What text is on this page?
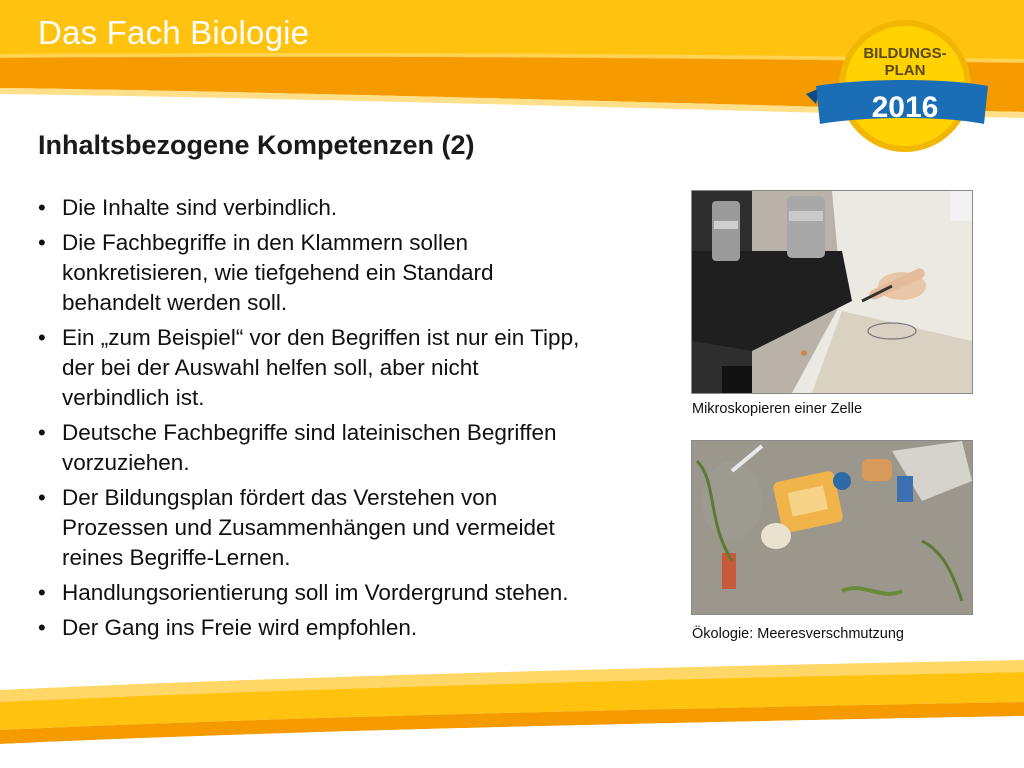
Das Fach Biologie
BILDUNGS-
PLAN
2016
Inhaltsbezogene Kompetenzen (2)
• Die Inhalte sind verbindlich.
• Die Fachbegriffe in den Klammern sollen
konkretisieren, wie tiefgehend ein Standard
behandelt werden soll.
• Ein „zum Beispiel“ vor den Begriffen ist nur ein Tipp,
der bei der Auswahl helfen soll, aber nicht
verbindlich ist.
• Deutsche Fachbegriffe sind lateinischen Begriffen
vorzuziehen.
• Der Bildungsplan fördert das Verstehen von
Prozessen und Zusammenhängen und vermeidet
reines Begriffe-Lernen.
• Handlungsorientierung soll im Vordergrund stehen.
• Der Gang ins Freie wird empfohlen.

Mikroskopieren einer Zelle

Ökologie: Meeresverschmutzung
